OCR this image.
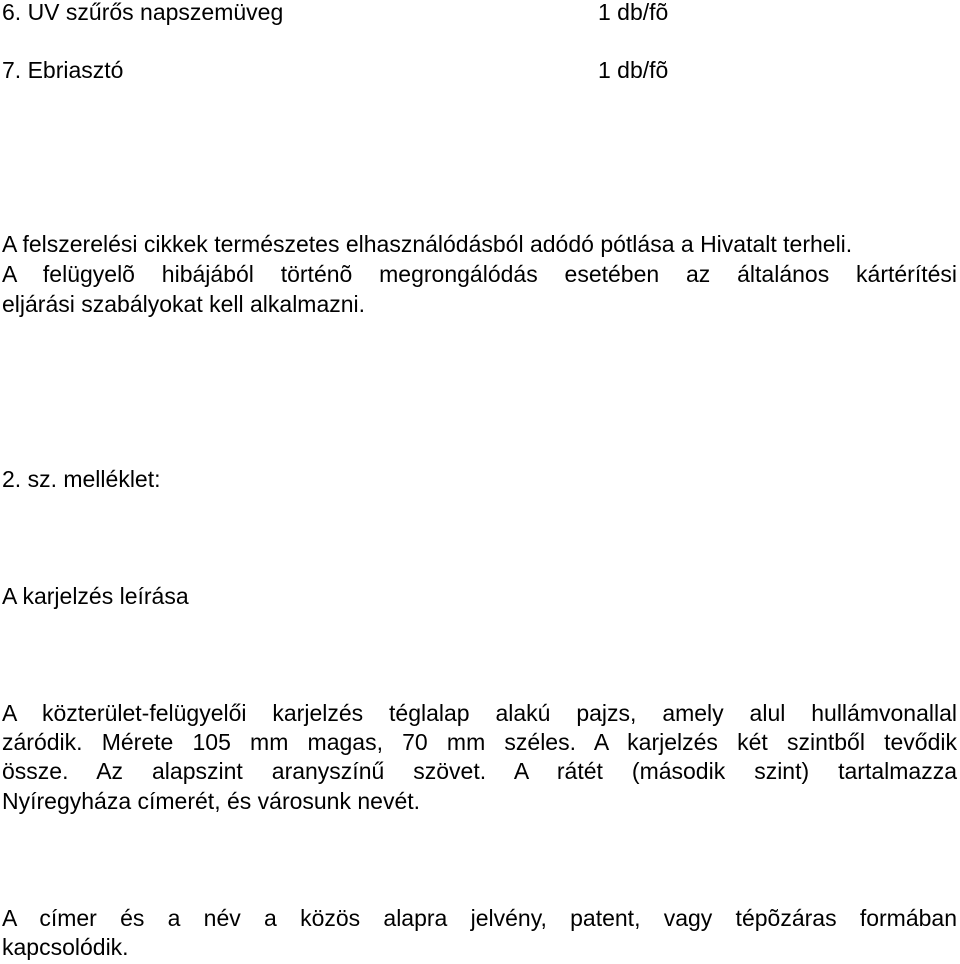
6. UV szűrős napszemüveg	1 db/fõ
7. Ebriasztó	1 db/fõ
A felszerelési cikkek természetes elhasználódásból adódó pótlása a Hivatalt terheli.
A felügyelõ hibájából történõ megrongálódás esetében az általános kártérítési
eljárási szabályokat kell alkalmazni.
2. sz. melléklet:
A karjelzés leírása
A közterület-felügyelői karjelzés téglalap alakú pajzs, amely alul hullámvonallal
záródik. Mérete 105 mm magas, 70 mm széles. A karjelzés két szintből tevődik
össze. Az alapszint aranyszínű szövet. A rátét (második szint) tartalmazza
Nyíregyháza címerét, és városunk nevét.
A címer és a név a közös alapra jelvény, patent, vagy tépõzáras formában
kapcsolódik.
